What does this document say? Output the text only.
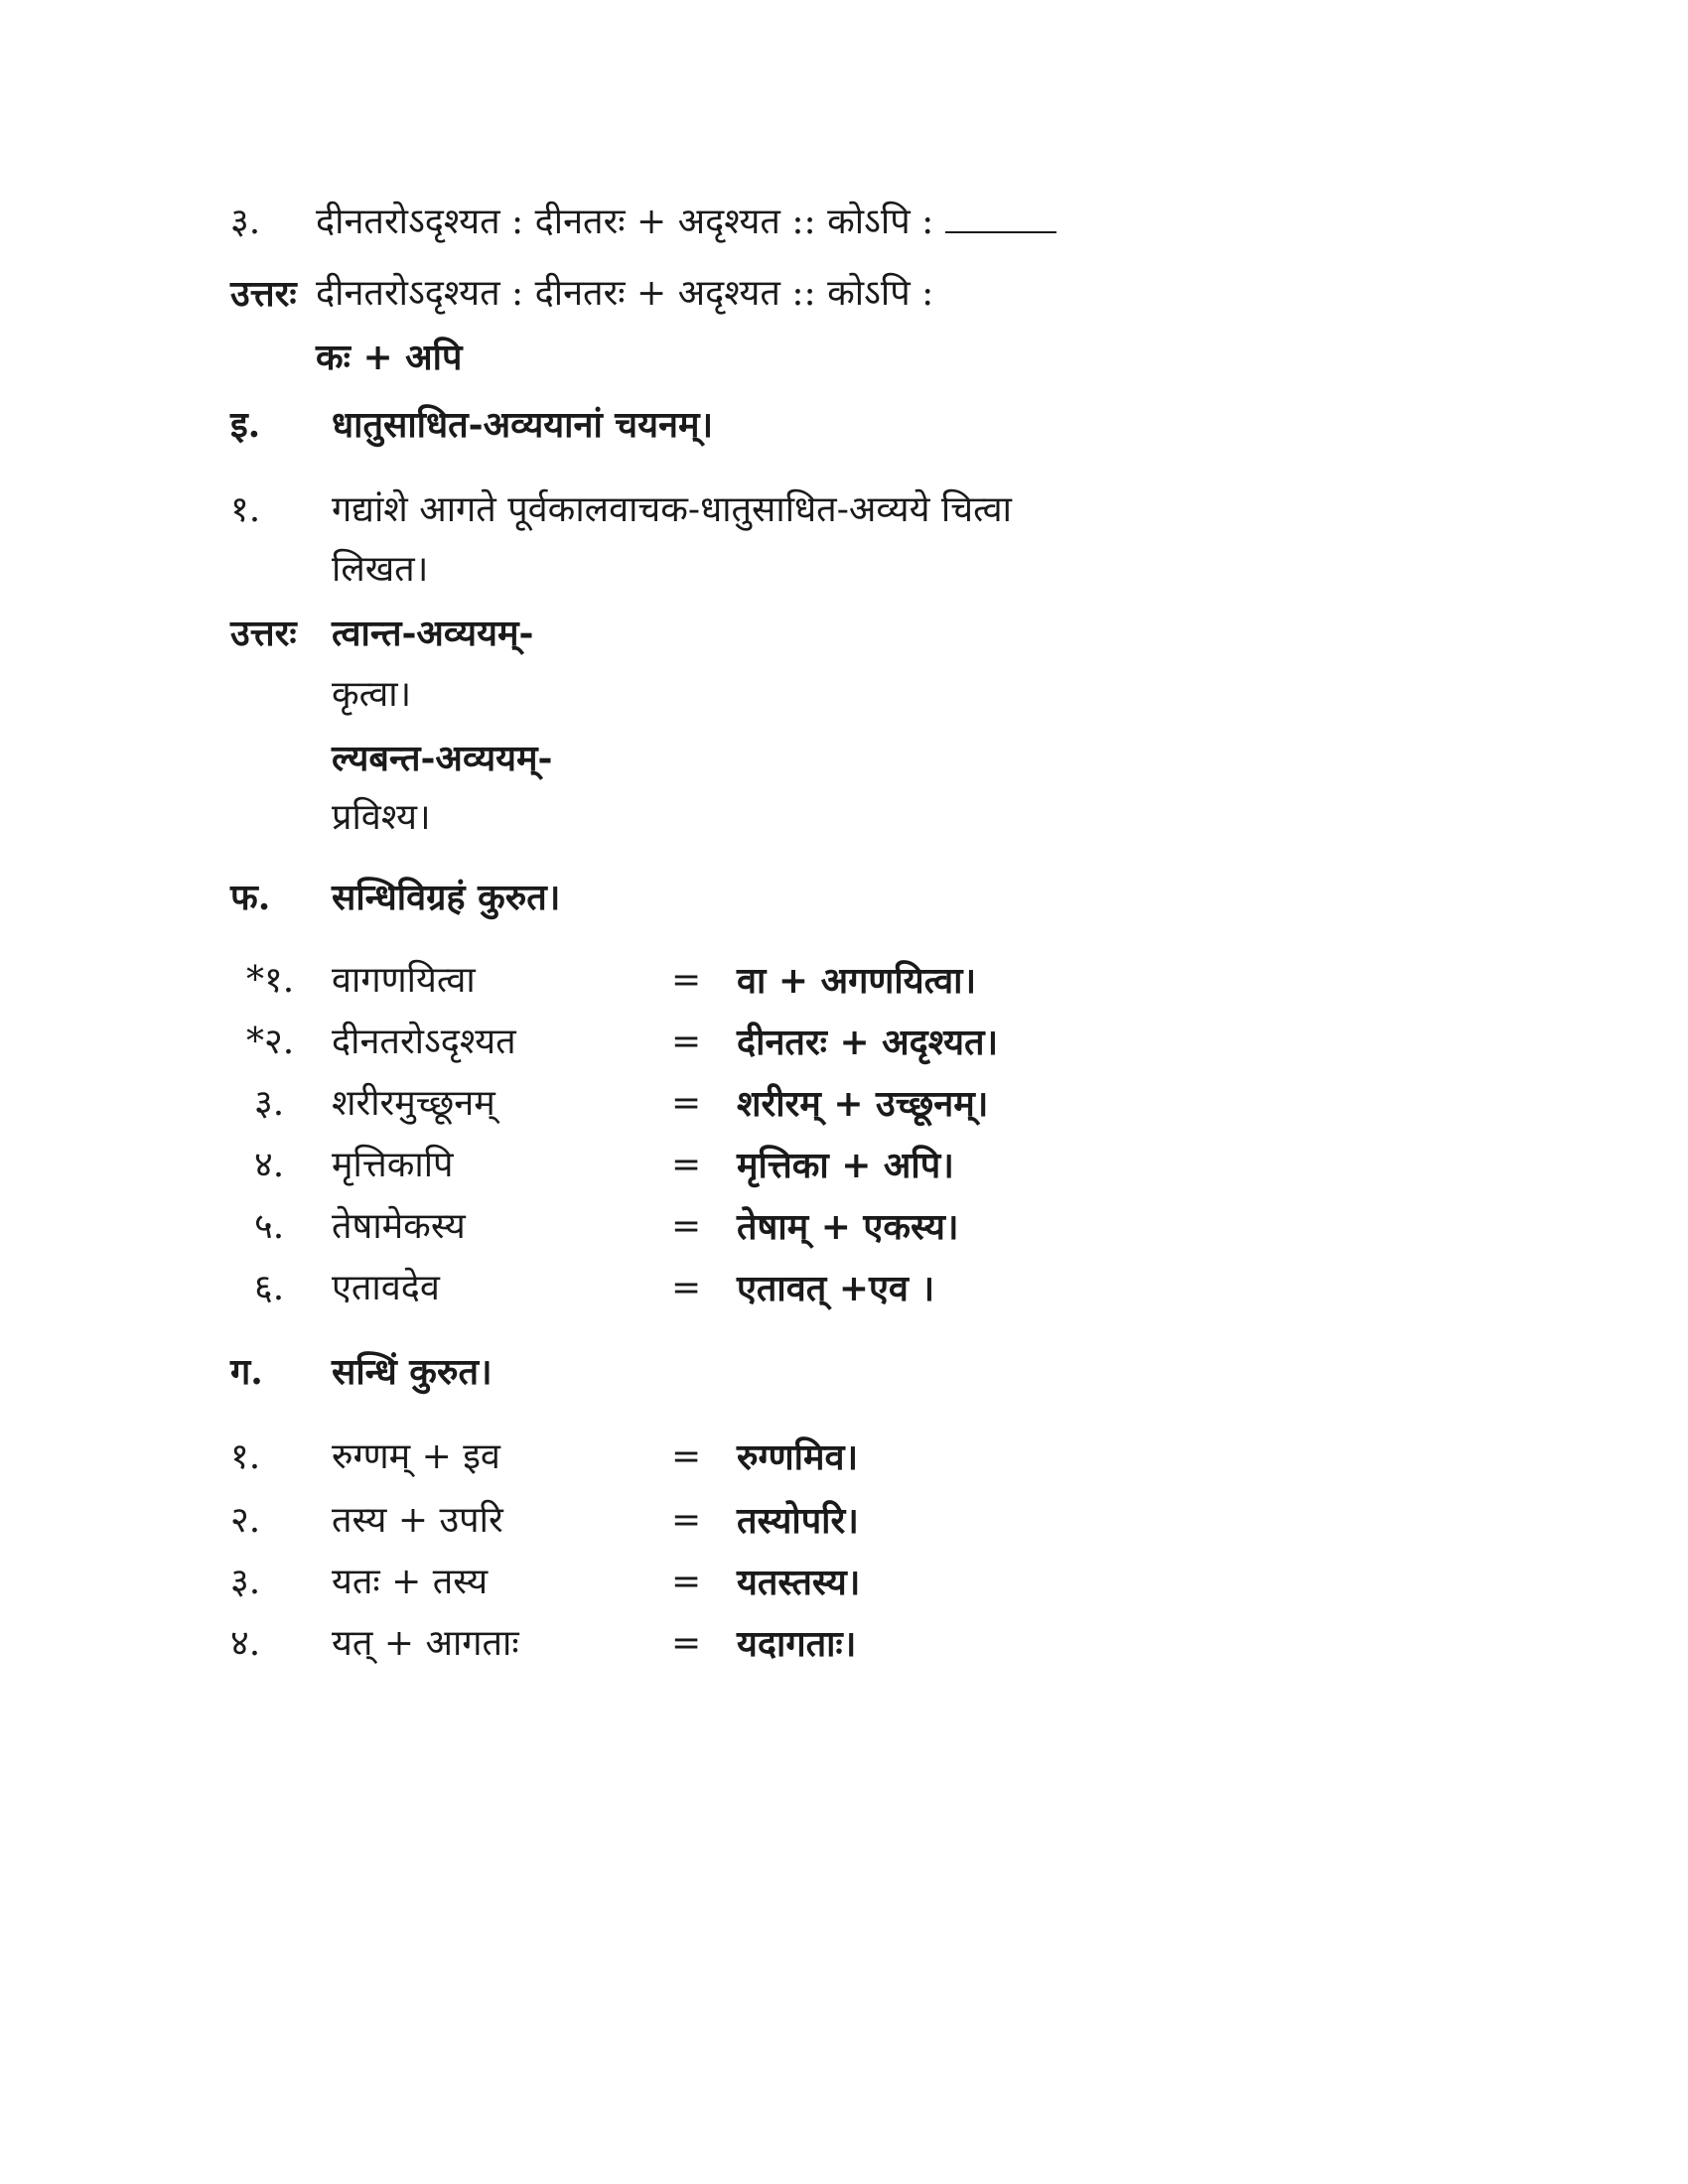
३. दीनतरोऽदृश्यत : दीनतरः + अदृश्यत :: कोऽपि :
उत्तरः दीनतरोऽदृश्यत : दीनतरः + अदृश्यत :: कोऽपि :
कः + अपि
इ. धातुसाधित-अव्ययानां चयनम्।
१. गद्यांशे आगते पूर्वकालवाचक-धातुसाधित-अव्यये चित्वा
लिखत।
उत्तरः त्वान्त-अव्ययम्-
कृत्वा।
ल्यबन्त-अव्ययम्-
प्रविश्य।
फ. सन्धिविग्रहं कुरुत।
*१. वागणयित्वा	= वा + अगणयित्वा।
*२. दीनतरोऽदृश्यत	= दीनतरः + अदृश्यत।
३. शरीरमुच्छूनम्	= शरीरम् + उच्छूनम्।
४. मृत्तिकापि	= मृत्तिका + अपि।
५. तेषामेकस्य	= तेषाम् + एकस्य।
६. एतावदेव	= एतावत् +एव ।
ग. सन्धिं कुरुत।
१. रुग्णम् + इव	= रुग्णमिव।
२. तस्य + उपरि	= तस्योपरि।
३. यतः + तस्य	= यतस्तस्य।
४. यत् + आगताः	= यदागताः।
